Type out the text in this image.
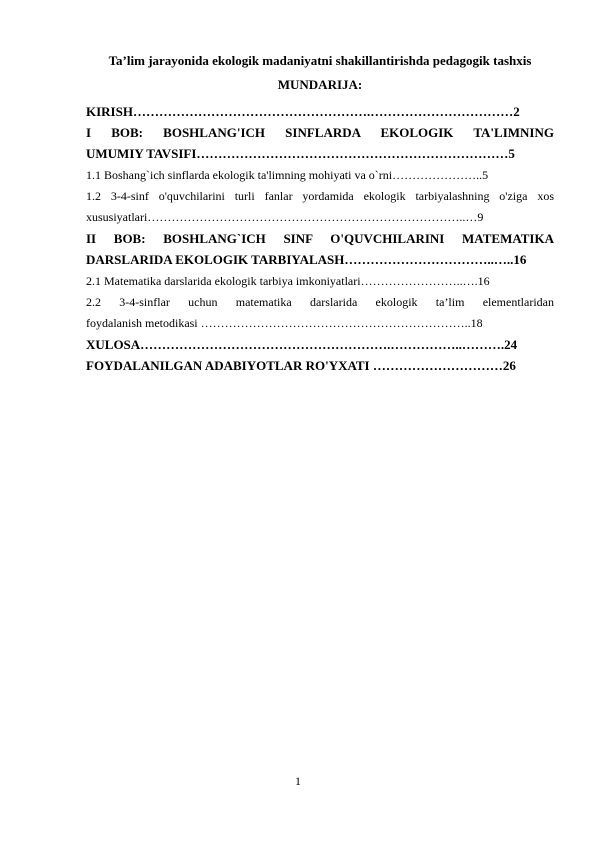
Ta’lim jarayonida ekologik madaniyatni shakillantirishda pedagogik tashxis
MUNDARIJA:
KIRISH……………………………………………….……………………………2
I BOB: BOSHLANG'ICH SINFLARDA EKOLOGIK TA'LIMNING
UMUMIY TAVSIFI………………………………………………………………5
1.1 Boshang`ich sinflarda ekologik ta'limning mohiyati va o`rni…………………..5
1.2 3-4-sinf o'quvchilarini turli fanlar yordamida ekologik tarbiyalashning o'ziga xos
xususiyatlari……………………………………………………………………..…9
II BOB: BOSHLANG`ICH SINF O'QUVCHILARINI MATEMATIKA
DARSLARIDA EKOLOGIK TARBIYALASH……………………………..…..16
2.1 Matematika darslarida ekologik tarbiya imkoniyatlari……………………..….16
2.2 3-4-sinflar uchun matematika darslarida ekologik ta’lim elementlaridan
foydalanish metodikasi …………………………………………………………..18
XULOSA………………………………………………….……………..……….24
FOYDALANILGAN ADABIYOTLAR RO'YXATI …………………………26
1
